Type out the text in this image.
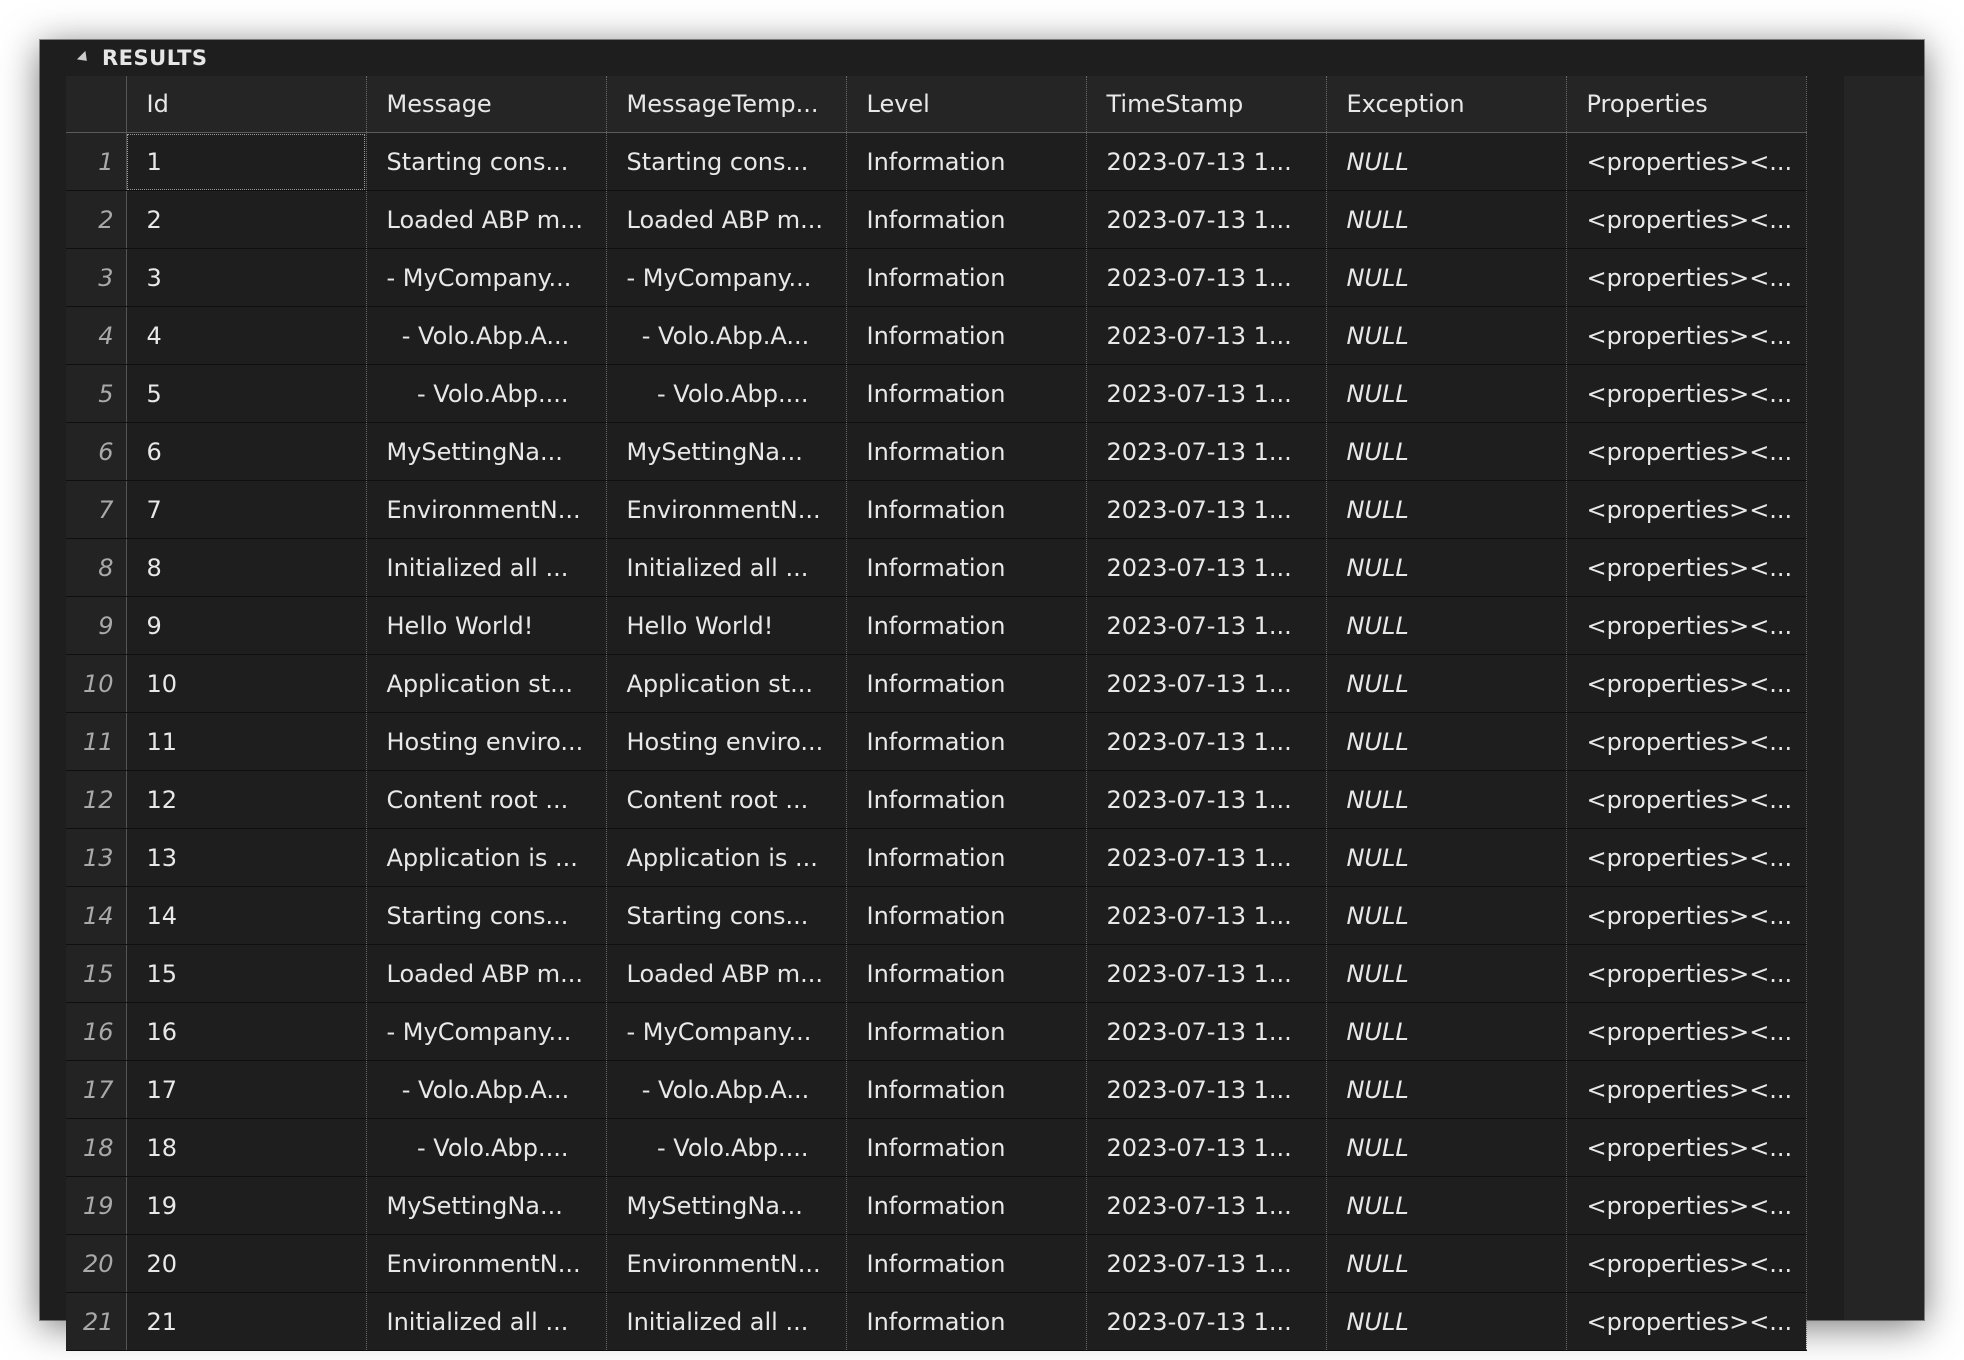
RESULTS
	Id	Message	MessageTemp...	Level	TimeStamp	Exception	Properties
1	1	Starting cons...	Starting cons...	Information	2023-07-13 1...	NULL	<properties><...
2	2	Loaded ABP m...	Loaded ABP m...	Information	2023-07-13 1...	NULL	<properties><...
3	3	- MyCompany...	- MyCompany...	Information	2023-07-13 1...	NULL	<properties><...
4	4	- Volo.Abp.A...	- Volo.Abp.A...	Information	2023-07-13 1...	NULL	<properties><...
5	5	- Volo.Abp....	- Volo.Abp....	Information	2023-07-13 1...	NULL	<properties><...
6	6	MySettingNa...	MySettingNa...	Information	2023-07-13 1...	NULL	<properties><...
7	7	EnvironmentN...	EnvironmentN...	Information	2023-07-13 1...	NULL	<properties><...
8	8	Initialized all ...	Initialized all ...	Information	2023-07-13 1...	NULL	<properties><...
9	9	Hello World!	Hello World!	Information	2023-07-13 1...	NULL	<properties><...
10	10	Application st...	Application st...	Information	2023-07-13 1...	NULL	<properties><...
11	11	Hosting enviro...	Hosting enviro...	Information	2023-07-13 1...	NULL	<properties><...
12	12	Content root ...	Content root ...	Information	2023-07-13 1...	NULL	<properties><...
13	13	Application is ...	Application is ...	Information	2023-07-13 1...	NULL	<properties><...
14	14	Starting cons...	Starting cons...	Information	2023-07-13 1...	NULL	<properties><...
15	15	Loaded ABP m...	Loaded ABP m...	Information	2023-07-13 1...	NULL	<properties><...
16	16	- MyCompany...	- MyCompany...	Information	2023-07-13 1...	NULL	<properties><...
17	17	- Volo.Abp.A...	- Volo.Abp.A...	Information	2023-07-13 1...	NULL	<properties><...
18	18	- Volo.Abp....	- Volo.Abp....	Information	2023-07-13 1...	NULL	<properties><...
19	19	MySettingNa...	MySettingNa...	Information	2023-07-13 1...	NULL	<properties><...
20	20	EnvironmentN...	EnvironmentN...	Information	2023-07-13 1...	NULL	<properties><...
21	21	Initialized all ...	Initialized all ...	Information	2023-07-13 1...	NULL	<properties><...
